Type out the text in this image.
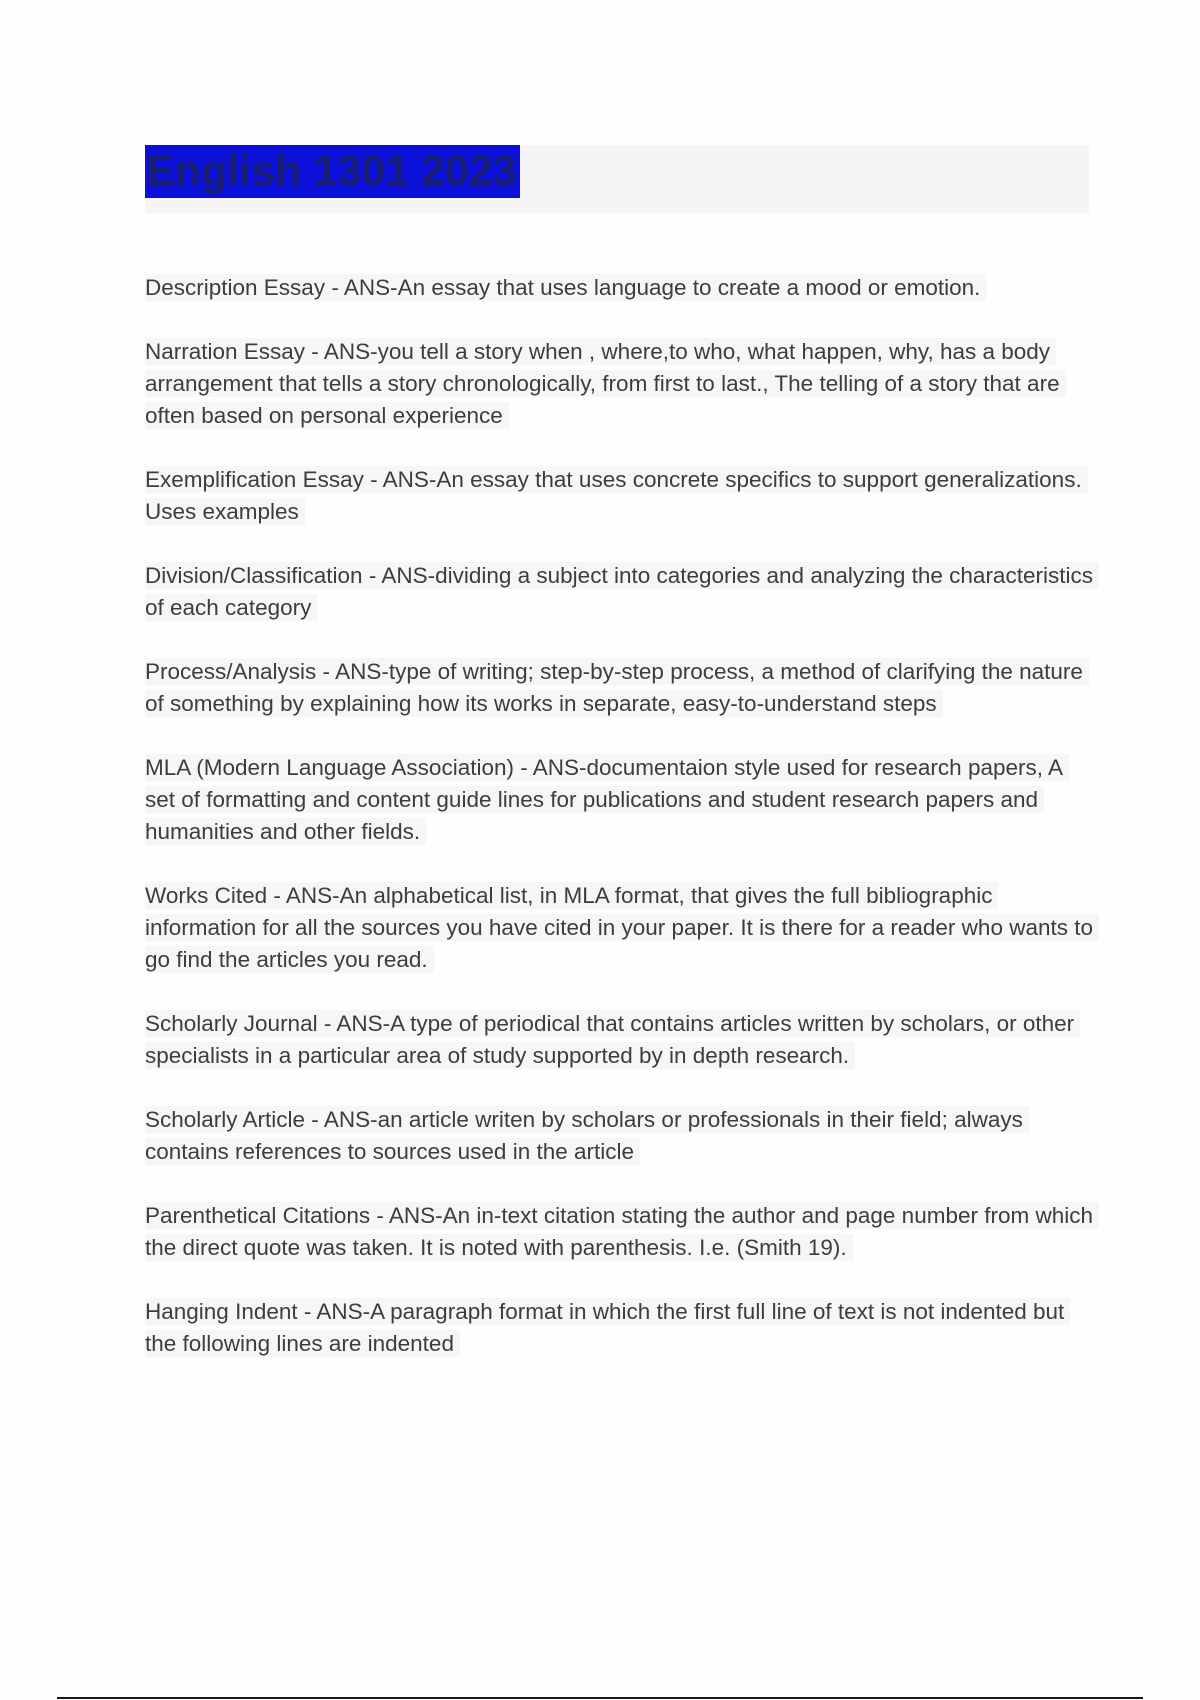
English 1301 2023

Description Essay - ANS-An essay that uses language to create a mood or emotion.

Narration Essay - ANS-you tell a story when , where,to who, what happen, why, has a body arrangement that tells a story chronologically, from first to last., The telling of a story that are often based on personal experience

Exemplification Essay - ANS-An essay that uses concrete specifics to support generalizations. Uses examples

Division/Classification - ANS-dividing a subject into categories and analyzing the characteristics of each category

Process/Analysis - ANS-type of writing; step-by-step process, a method of clarifying the nature of something by explaining how its works in separate, easy-to-understand steps

MLA (Modern Language Association) - ANS-documentaion style used for research papers, A set of formatting and content guide lines for publications and student research papers and humanities and other fields.

Works Cited - ANS-An alphabetical list, in MLA format, that gives the full bibliographic information for all the sources you have cited in your paper. It is there for a reader who wants to go find the articles you read.

Scholarly Journal - ANS-A type of periodical that contains articles written by scholars, or other specialists in a particular area of study supported by in depth research.

Scholarly Article - ANS-an article writen by scholars or professionals in their field; always contains references to sources used in the article

Parenthetical Citations - ANS-An in-text citation stating the author and page number from which the direct quote was taken. It is noted with parenthesis. I.e. (Smith 19).

Hanging Indent - ANS-A paragraph format in which the first full line of text is not indented but the following lines are indented
